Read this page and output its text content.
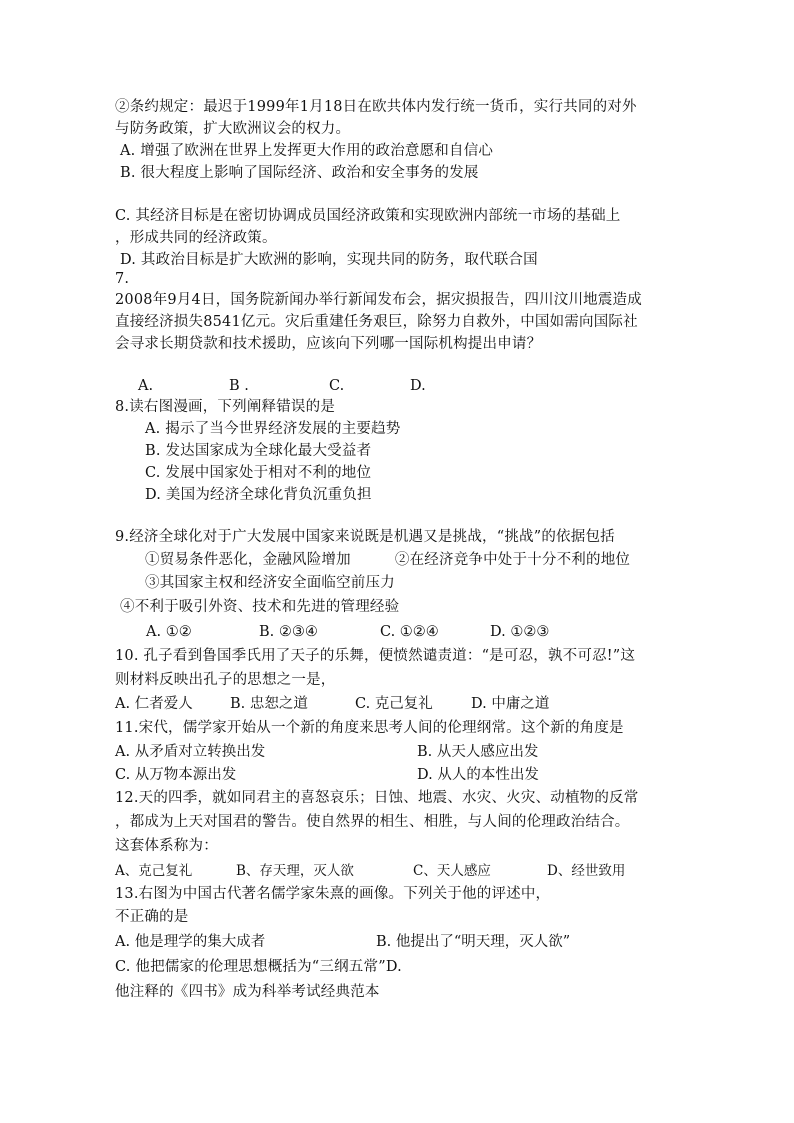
②条约规定：最迟于1999年1月18日在欧共体内发行统一货币，实行共同的对外
与防务政策，扩大欧洲议会的权力。
A. 增强了欧洲在世界上发挥更大作用的政治意愿和自信心
B. 很大程度上影响了国际经济、政治和安全事务的发展
C. 其经济目标是在密切协调成员国经济政策和实现欧洲内部统一市场的基础上
，形成共同的经济政策。
D. 其政治目标是扩大欧洲的影响，实现共同的防务，取代联合国
7.
2008年9月4日，国务院新闻办举行新闻发布会，据灾损报告，四川汶川地震造成
直接经济损失8541亿元。灾后重建任务艰巨，除努力自救外，中国如需向国际社
会寻求长期贷款和技术援助，应该向下列哪一国际机构提出申请？
A.	B .	C.	D.
8.读右图漫画，下列阐释错误的是
A. 揭示了当今世界经济发展的主要趋势
B. 发达国家成为全球化最大受益者
C. 发展中国家处于相对不利的地位
D. 美国为经济全球化背负沉重负担
9.经济全球化对于广大发展中国家来说既是机遇又是挑战，“挑战”的依据包括
①贸易条件恶化，金融风险增加　　　②在经济竞争中处于十分不利的地位
③其国家主权和经济安全面临空前压力
④不利于吸引外资、技术和先进的管理经验
A. ①②	B. ②③④	C. ①②④	D. ①②③
10. 孔子看到鲁国季氏用了天子的乐舞，便愤然谴责道：“是可忍，孰不可忍!”这
则材料反映出孔子的思想之一是，
A. 仁者爱人	B. 忠恕之道	C. 克己复礼	D. 中庸之道
11.宋代，儒学家开始从一个新的角度来思考人间的伦理纲常。这个新的角度是
A. 从矛盾对立转换出发	B. 从天人感应出发
C. 从万物本源出发	D. 从人的本性出发
12.天的四季，就如同君主的喜怒哀乐；日蚀、地震、水灾、火灾、动植物的反常
，都成为上天对国君的警告。使自然界的相生、相胜，与人间的伦理政治结合。
这套体系称为：
A、克己复礼	B、存天理，灭人欲	C、天人感应	D、经世致用
13.右图为中国古代著名儒学家朱熹的画像。下列关于他的评述中，
不正确的是
A. 他是理学的集大成者	B. 他提出了“明天理，灭人欲”
C. 他把儒家的伦理思想概括为“三纲五常”D.
他注释的《四书》成为科举考试经典范本
